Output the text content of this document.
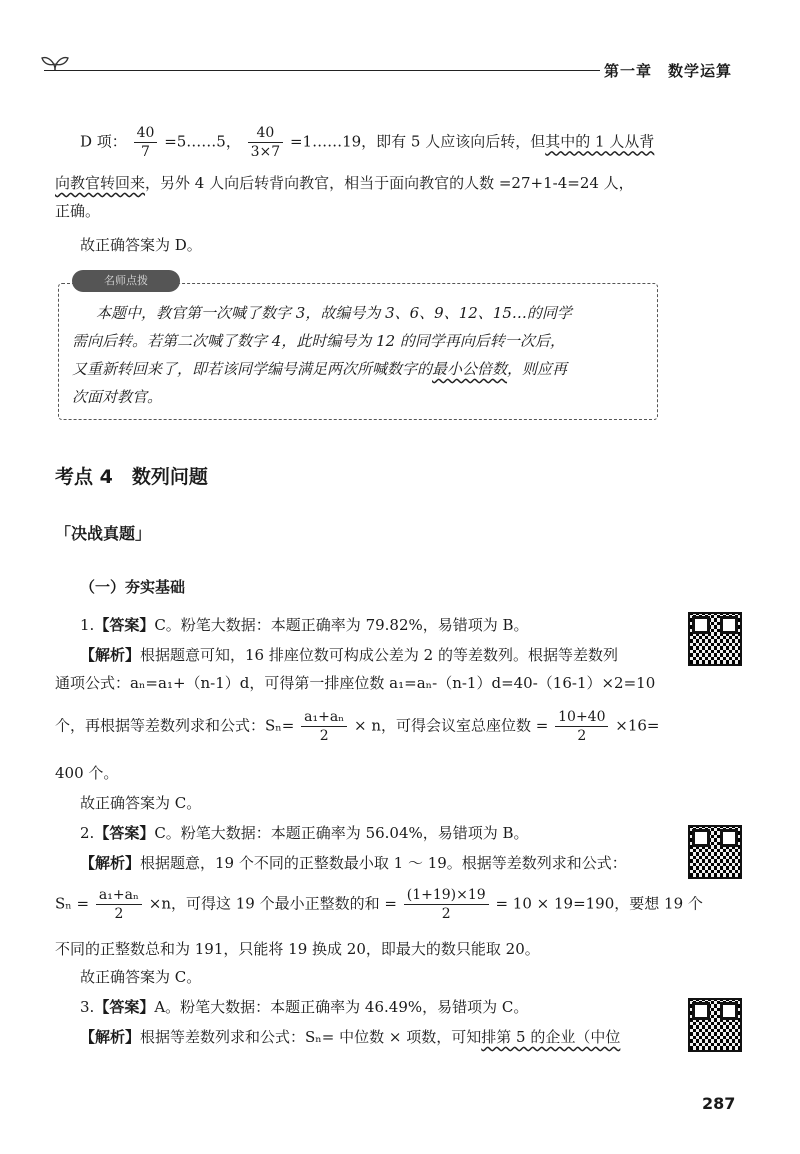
第一章　数学运算
D 项： $\frac{40}{7}$ =5……5， $\frac{40}{3\times 7}$ =1……19，即有 5 人应该向后转，但其中的 1 人从背
向教官转回来，另外 4 人向后转背向教官，相当于面向教官的人数 =27+1-4=24 人，
正确。
故正确答案为 D。
名师点拨
本题中，教官第一次喊了数字 3，故编号为 3、6、9、12、15…的同学
需向后转。若第二次喊了数字 4，此时编号为 12 的同学再向后转一次后，
又重新转回来了，即若该同学编号满足两次所喊数字的最小公倍数，则应再
次面对教官。
考点 4　数列问题
「决战真题」
（一）夯实基础
1.【答案】C。粉笔大数据：本题正确率为 79.82%，易错项为 B。
【解析】根据题意可知，16 排座位数可构成公差为 2 的等差数列。根据等差数列
通项公式：aₙ=a₁+（n-1）d，可得第一排座位数 a₁=aₙ-（n-1）d=40-（16-1）×2=10
个，再根据等差数列求和公式：$S_n= \frac{\text{a₁+aₙ}}{2} \times n$，可得会议室总座位数 = $\frac{10+40}{2} \times 16=$
400 个。
故正确答案为 C。
2.【答案】C。粉笔大数据：本题正确率为 56.04%，易错项为 B。
【解析】根据题意，19 个不同的正整数最小取 1 ～ 19。根据等差数列求和公式：
$S_n = \frac{\text{a₁+aₙ}}{2} \times n$，可得这 19 个最小正整数的和 = $\frac{(1+19)\times 19}{2} = 10 \times 19=190$，要想 19 个
不同的正整数总和为 191，只能将 19 换成 20，即最大的数只能取 20。
故正确答案为 C。
3.【答案】A。粉笔大数据：本题正确率为 46.49%，易错项为 C。
【解析】根据等差数列求和公式：Sₙ= 中位数 × 项数，可知排第 5 的企业（中位
287
